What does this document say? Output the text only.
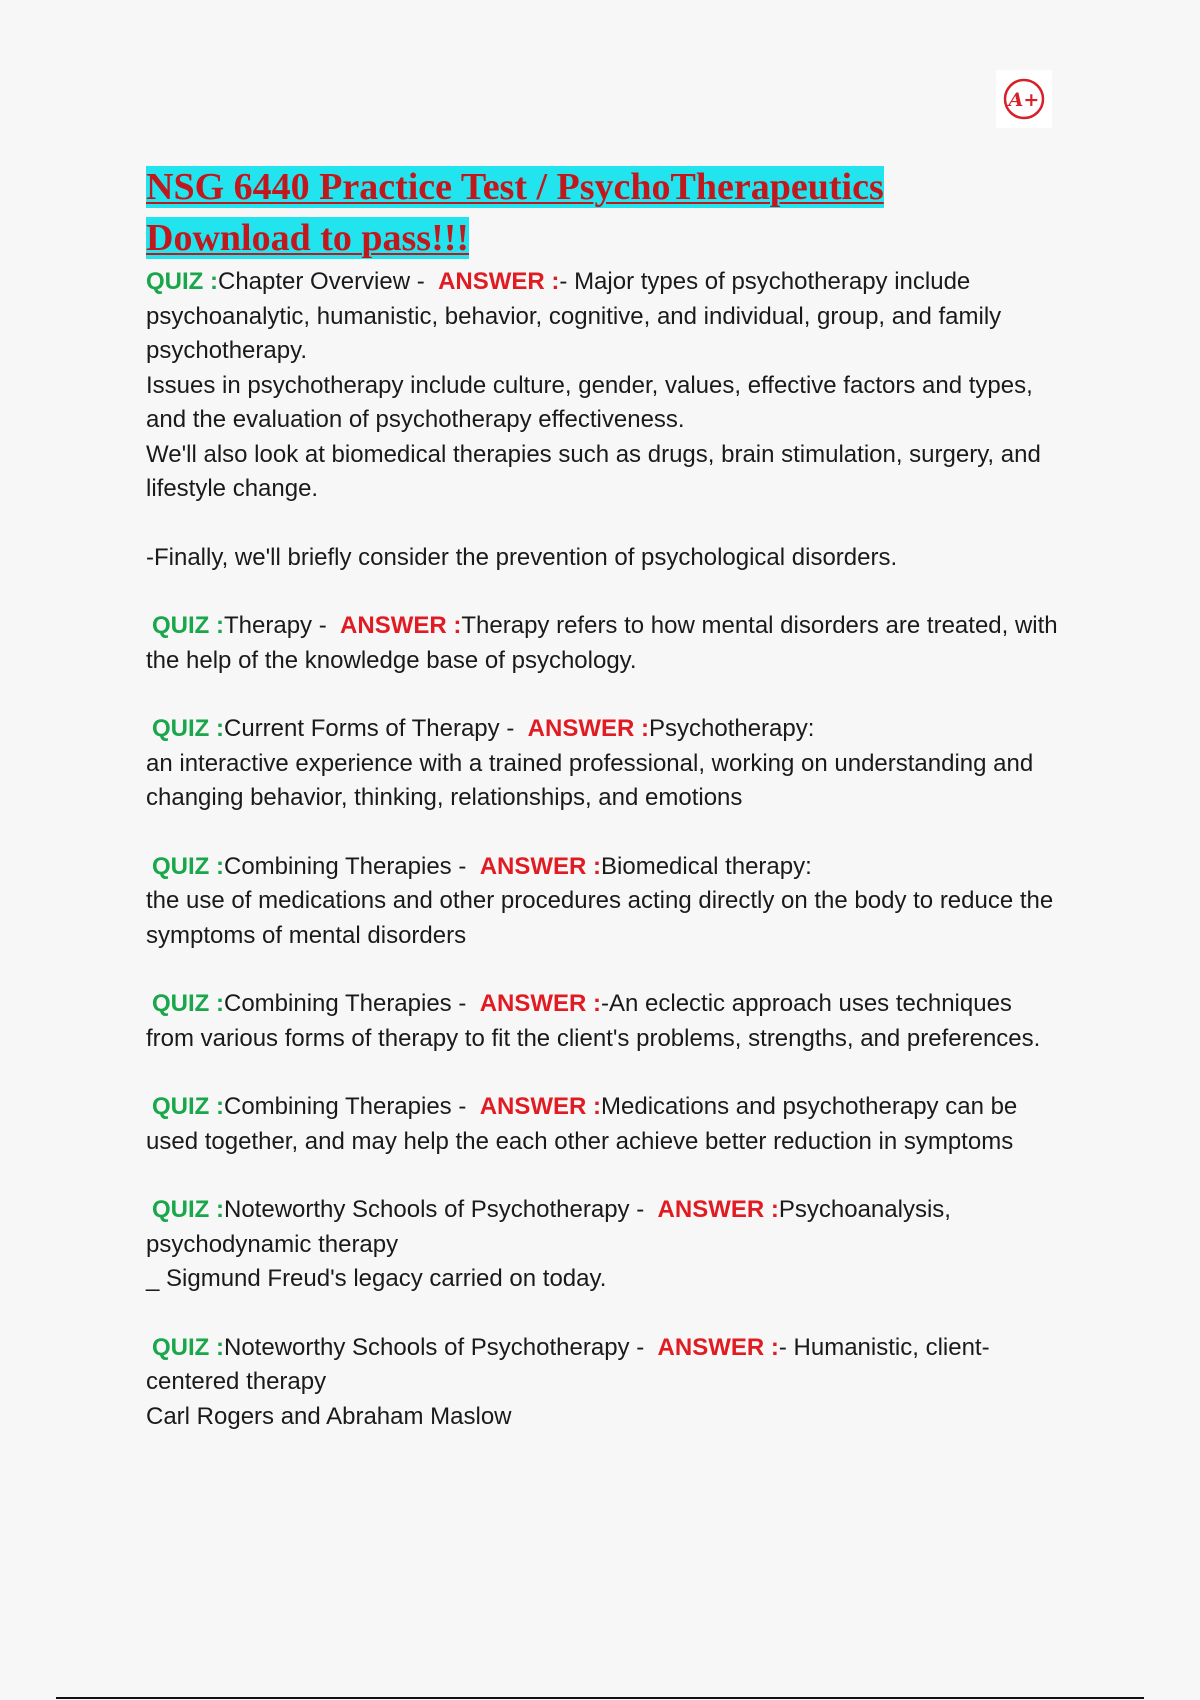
A+
NSG 6440 Practice Test / PsychoTherapeutics
Download to pass!!!

QUIZ :Chapter Overview -  ANSWER :- Major types of psychotherapy include psychoanalytic, humanistic, behavior, cognitive, and individual, group, and family psychotherapy.

Issues in psychotherapy include culture, gender, values, effective factors and types, and the evaluation of psychotherapy effectiveness.

We'll also look at biomedical therapies such as drugs, brain stimulation, surgery, and lifestyle change.

-Finally, we'll briefly consider the prevention of psychological disorders.

QUIZ :Therapy -  ANSWER :Therapy refers to how mental disorders are treated, with the help of the knowledge base of psychology.

QUIZ :Current Forms of Therapy -  ANSWER :Psychotherapy:

an interactive experience with a trained professional, working on understanding and changing behavior, thinking, relationships, and emotions

QUIZ :Combining Therapies -  ANSWER :Biomedical therapy:

the use of medications and other procedures acting directly on the body to reduce the symptoms of mental disorders

QUIZ :Combining Therapies -  ANSWER :-An eclectic approach uses techniques from various forms of therapy to fit the client's problems, strengths, and preferences.

QUIZ :Combining Therapies -  ANSWER :Medications and psychotherapy can be used together, and may help the each other achieve better reduction in symptoms

QUIZ :Noteworthy Schools of Psychotherapy -  ANSWER :Psychoanalysis, psychodynamic therapy

_ Sigmund Freud's legacy carried on today.

QUIZ :Noteworthy Schools of Psychotherapy -  ANSWER :- Humanistic, client-centered therapy

Carl Rogers and Abraham Maslow
